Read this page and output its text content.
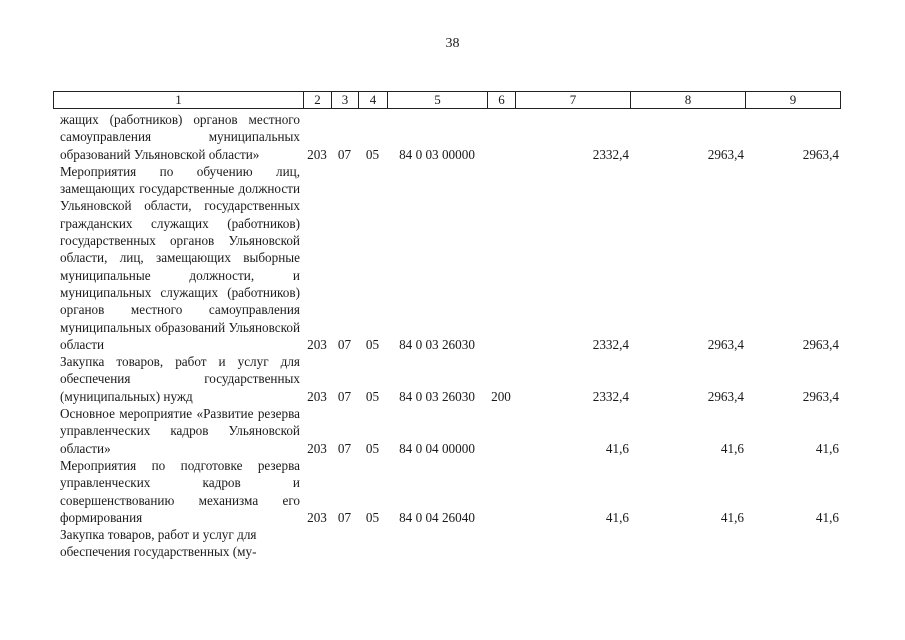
38
1	2	3	4	5	6	7	8	9
жащих (работников) органов местного самоуправления муниципальных образований Ульяновской области»	203	07	05	84 0 03 00000		2332,4	2963,4	2963,4
Мероприятия по обучению лиц, замещающих государственные должности Ульяновской области, государственных гражданских служащих (работников) государственных органов Ульяновской области, лиц, замещающих выборные муниципальные должности, и муниципальных служащих (работников) органов местного самоуправления муниципальных образований Ульяновской области	203	07	05	84 0 03 26030		2332,4	2963,4	2963,4
Закупка товаров, работ и услуг для обеспечения государственных (муниципальных) нужд	203	07	05	84 0 03 26030	200	2332,4	2963,4	2963,4
Основное мероприятие «Развитие резерва управленческих кадров Ульяновской области»	203	07	05	84 0 04 00000		41,6	41,6	41,6
Мероприятия по подготовке резерва управленческих кадров и совершенствованию механизма его формирования	203	07	05	84 0 04 26040		41,6	41,6	41,6
Закупка товаров, работ и услуг для обеспечения государственных (му-								
